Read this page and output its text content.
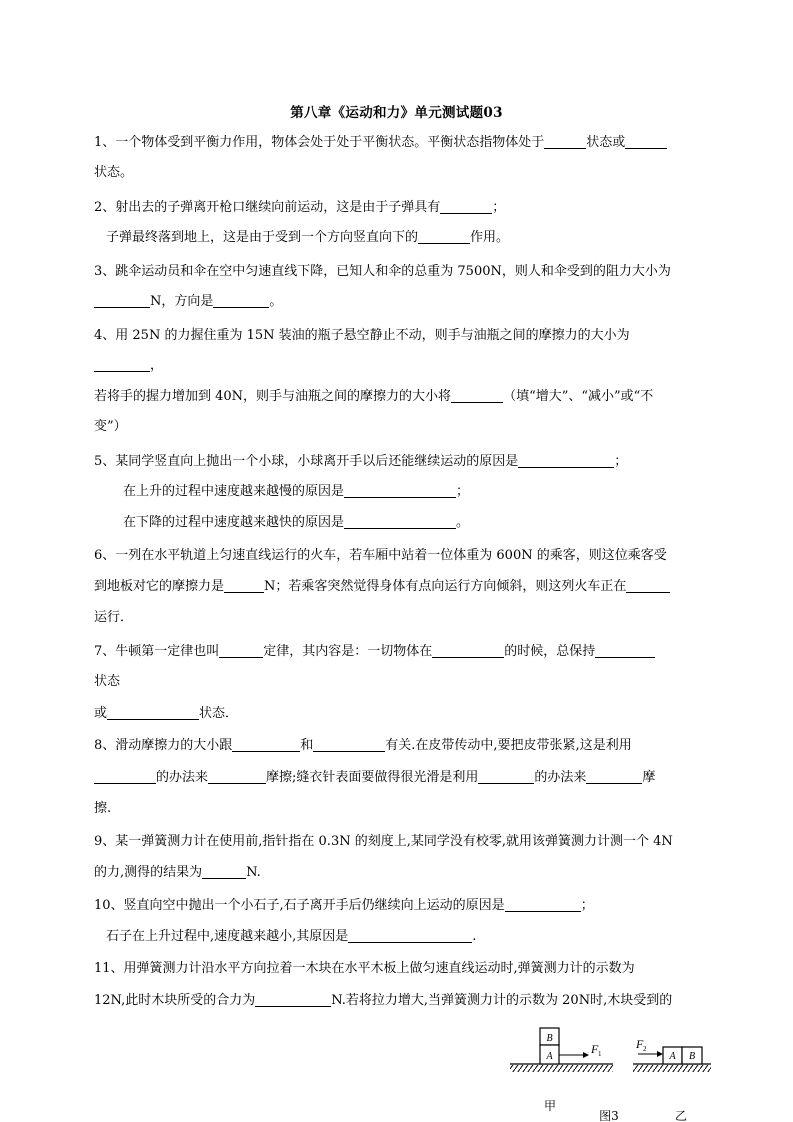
第八章《运动和力》单元测试题03
1、一个物体受到平衡力作用，物体会处于处于平衡状态。平衡状态指物体处于	状态或
状态。
2、射出去的子弹离开枪口继续向前运动，这是由于子弹具有	；
子弹最终落到地上，这是由于受到一个方向竖直向下的	作用。
3、跳伞运动员和伞在空中匀速直线下降，已知人和伞的总重为 7500N，则人和伞受到的阻力大小为
N，方向是	。
4、用 25N 的力握住重为 15N 装油的瓶子悬空静止不动，则手与油瓶之间的摩擦力的大小为
，
若将手的握力增加到 40N，则手与油瓶之间的摩擦力的大小将	（填“增大”、“减小”或“不
变”）
5、某同学竖直向上抛出一个小球，小球离开手以后还能继续运动的原因是	；
在上升的过程中速度越来越慢的原因是	；
在下降的过程中速度越来越快的原因是	。
6、一列在水平轨道上匀速直线运行的火车，若车厢中站着一位体重为 600N 的乘客，则这位乘客受
到地板对它的摩擦力是	N；若乘客突然觉得身体有点向运行方向倾斜，则这列火车正在
运行．
7、牛顿第一定律也叫	定律，其内容是：一切物体在	的时候，总保持
状态
或	状态．
8、滑动摩擦力的大小跟	和	有关.在皮带传动中,要把皮带张紧,这是利用
的办法来	摩擦;缝衣针表面要做得很光滑是利用	的办法来	摩
擦.
9、某一弹簧测力计在使用前,指针指在 0.3N 的刻度上,某同学没有校零,就用该弹簧测力计测一个 4N
的力,测得的结果为	N.
10、竖直向空中抛出一个小石子,石子离开手后仍继续向上运动的原因是	；
石子在上升过程中,速度越来越小,其原因是	.
11、用弹簧测力计沿水平方向拉着一木块在水平木板上做匀速直线运动时,弹簧测力计的示数为
12N,此时木块所受的合力为	N.若将拉力增大,当弹簧测力计的示数为 20N时,木块受到的
B
A
F 1
甲
A B
F 2
乙
图3
